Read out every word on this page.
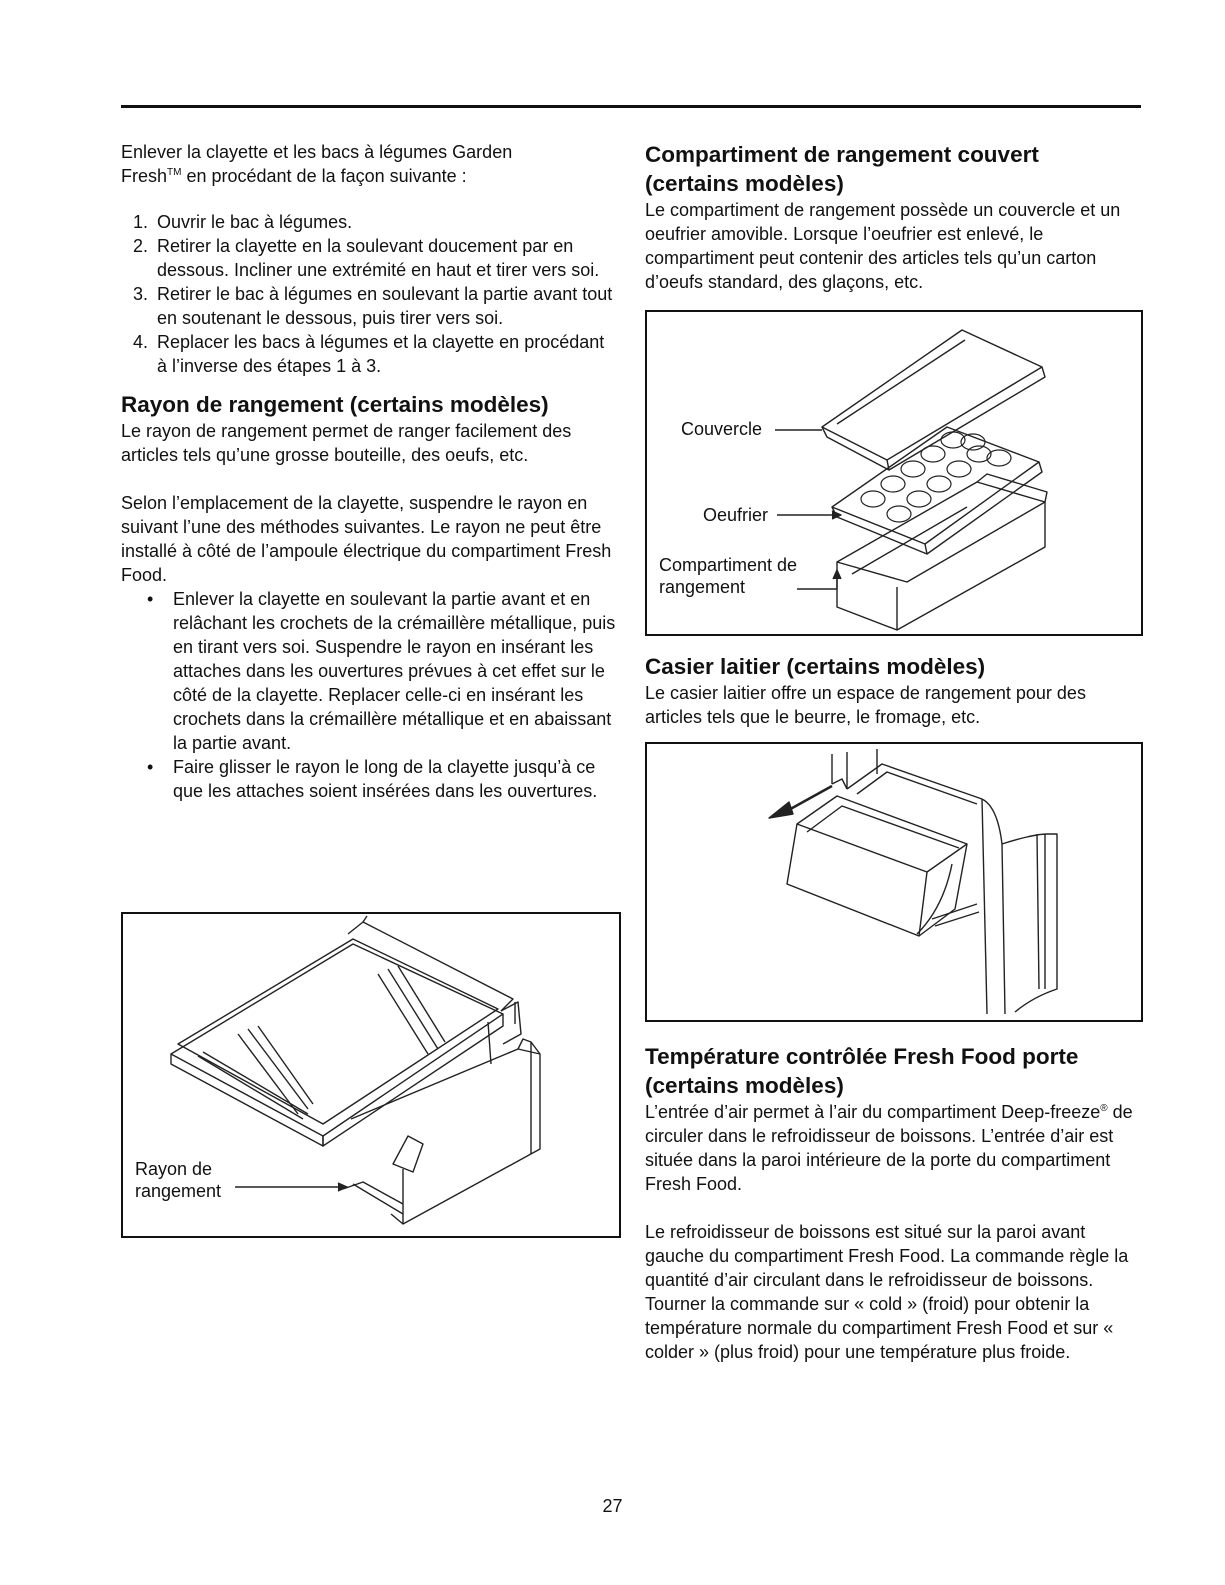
Enlever la clayette et les bacs à légumes Garden
Fresh™ en procédant de la façon suivante :

1. Ouvrir le bac à légumes.
2. Retirer la clayette en la soulevant doucement par en dessous. Incliner une extrémité en haut et tirer vers soi.
3. Retirer le bac à légumes en soulevant la partie avant tout en soutenant le dessous, puis tirer vers soi.
4. Replacer les bacs à légumes et la clayette en procédant à l’inverse des étapes 1 à 3.
Rayon de rangement (certains modèles)

Le rayon de rangement permet de ranger facilement des articles tels qu’une grosse bouteille, des oeufs, etc.

Selon l’emplacement de la clayette, suspendre le rayon en suivant l’une des méthodes suivantes. Le rayon ne peut être installé à côté de l’ampoule électrique du compartiment Fresh Food.

• Enlever la clayette en soulevant la partie avant et en relâchant les crochets de la crémaillère métallique, puis en tirant vers soi. Suspendre le rayon en insérant les attaches dans les ouvertures prévues à cet effet sur le côté de la clayette. Replacer celle-ci en insérant les crochets dans la crémaillère métallique et en abaissant la partie avant.
• Faire glisser le rayon le long de la clayette jusqu’à ce que les attaches soient insérées dans les ouvertures.
Rayon de
rangement
Compartiment de rangement couvert
(certains modèles)

Le compartiment de rangement possède un couvercle et un oeufrier amovible. Lorsque l’oeufrier est enlevé, le compartiment peut contenir des articles tels qu’un carton d’oeufs standard, des glaçons, etc.

Couvercle
Oeufrier
Compartiment de
rangement
Casier laitier (certains modèles)

Le casier laitier offre un espace de rangement pour des articles tels que le beurre, le fromage, etc.

Température contrôlée Fresh Food porte
(certains modèles)

L’entrée d’air permet à l’air du compartiment Deep-freeze® de circuler dans le refroidisseur de boissons. L’entrée d’air est située dans la paroi intérieure de la porte du compartiment Fresh Food.

Le refroidisseur de boissons est situé sur la paroi avant gauche du compartiment Fresh Food. La commande règle la quantité d’air circulant dans le refroidisseur de boissons. Tourner la commande sur « cold » (froid) pour obtenir la température normale du compartiment Fresh Food et sur « colder » (plus froid) pour une température plus froide.

27
